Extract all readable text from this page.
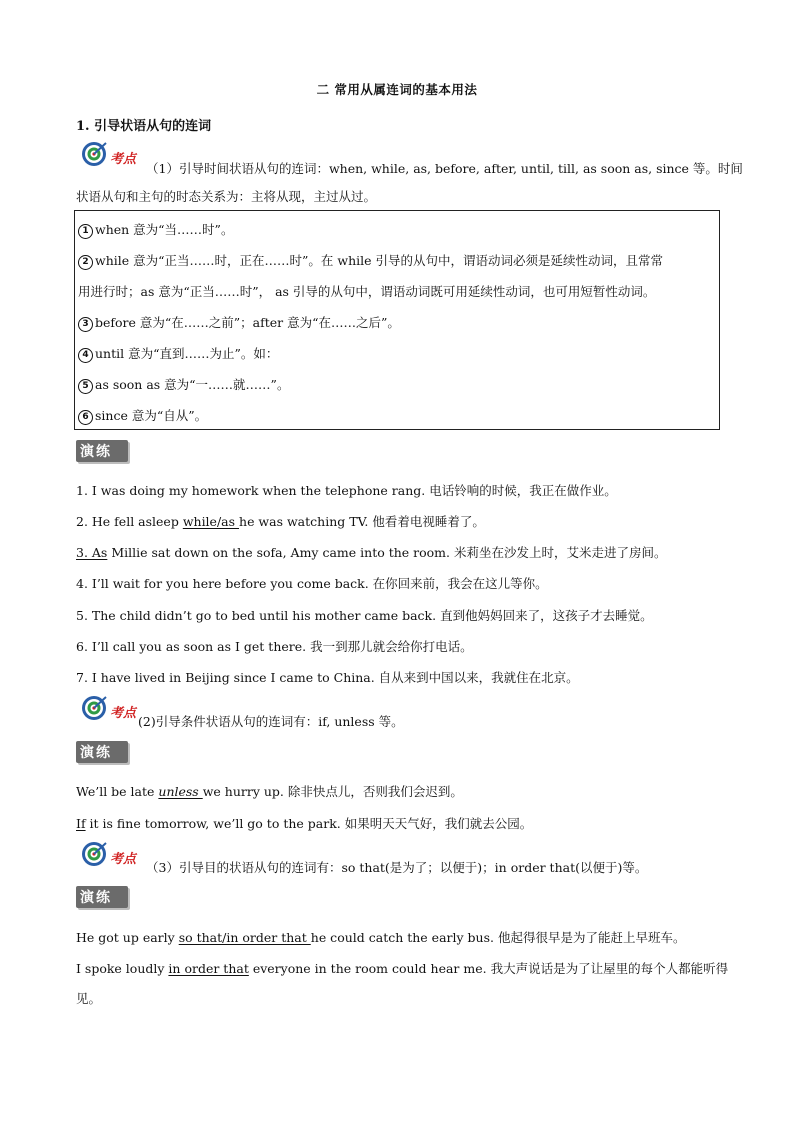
二 常用从属连词的基本用法
1. 引导状语从句的连词
考点
（1）引导时间状语从句的连词：when, while, as, before, after, until, till, as soon as, since 等。时间
状语从句和主句的时态关系为：主将从现，主过从过。
1 when 意为“当……时”。
2 while 意为“正当……时，正在……时”。在 while 引导的从句中，谓语动词必须是延续性动词，且常常
用进行时；as 意为“正当……时”， as 引导的从句中，谓语动词既可用延续性动词，也可用短暂性动词。
3 before 意为“在……之前”；after 意为“在……之后”。
4 until 意为“直到……为止”。如：
5 as soon as 意为“一……就……”。
6 since 意为“自从”。
演练
1. I was doing my homework when the telephone rang. 电话铃响的时候，我正在做作业。
2. He fell asleep while/as he was watching TV. 他看着电视睡着了。
3. As Millie sat down on the sofa, Amy came into the room. 米莉坐在沙发上时，艾米走进了房间。
4. I’ll wait for you here before you come back. 在你回来前，我会在这儿等你。
5. The child didn’t go to bed until his mother came back. 直到他妈妈回来了，这孩子才去睡觉。
6. I’ll call you as soon as I get there. 我一到那儿就会给你打电话。
7. I have lived in Beijing since I came to China. 自从来到中国以来，我就住在北京。
考点
(2)引导条件状语从句的连词有：if, unless 等。
演练
We’ll be late unless we hurry up. 除非快点儿，否则我们会迟到。
If it is fine tomorrow, we’ll go to the park. 如果明天天气好，我们就去公园。
考点
（3）引导目的状语从句的连词有：so that(是为了；以便于)；in order that(以便于)等。
演练
He got up early so that/in order that he could catch the early bus. 他起得很早是为了能赶上早班车。
I spoke loudly in order that everyone in the room could hear me. 我大声说话是为了让屋里的每个人都能听得
见。
